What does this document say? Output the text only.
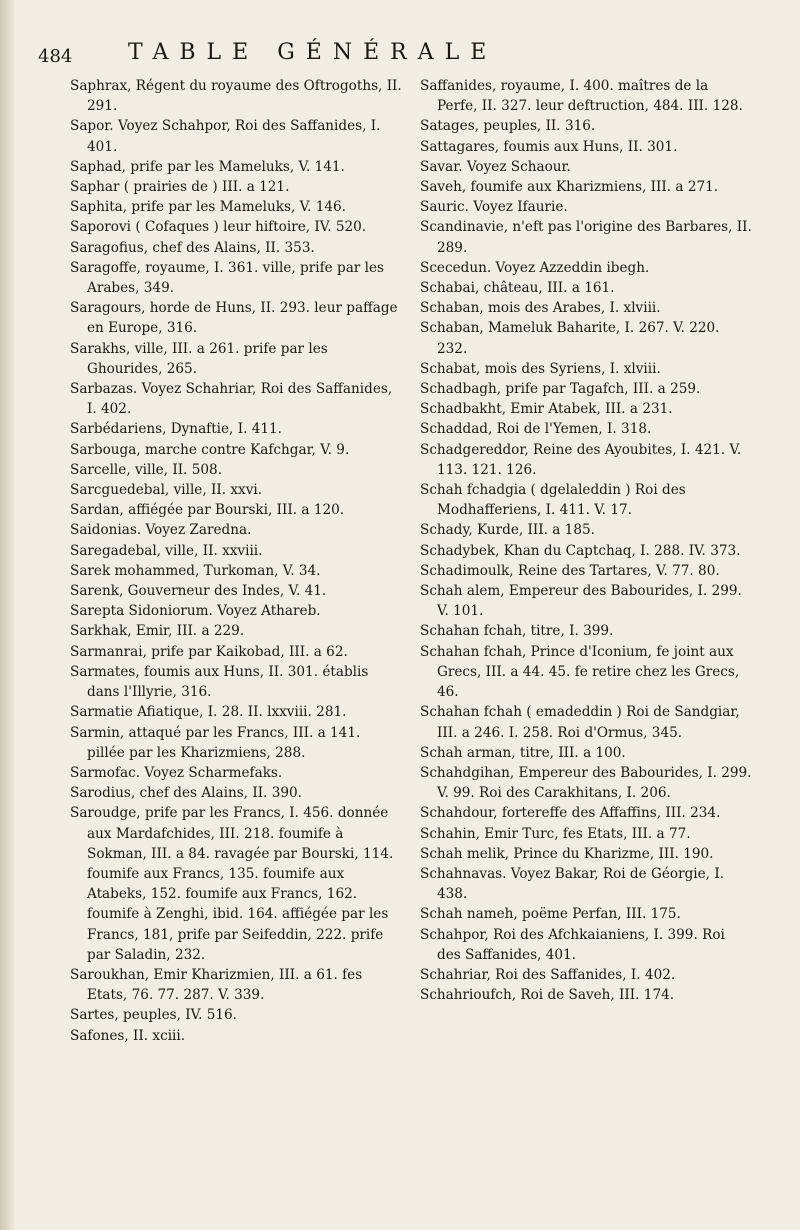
484	TABLE GÉNÉRALE

Saphrax, Régent du royaume des Oftrogoths, II. 291.

Sapor. Voyez Schahpor, Roi des Saffanides, I. 401.

Saphad, prife par les Mameluks, V. 141.

Saphar ( prairies de ) III. a 121.

Saphita, prife par les Mameluks, V. 146.

Saporovi ( Cofaques ) leur hiftoire, IV. 520.

Saragofius, chef des Alains, II. 353.

Saragoffe, royaume, I. 361. ville, prife par les Arabes, 349.

Saragours, horde de Huns, II. 293. leur paffage en Europe, 316.

Sarakhs, ville, III. a 261. prife par les Ghourides, 265.

Sarbazas. Voyez Schahriar, Roi des Saffanides, I. 402.

Sarbédariens, Dynaftie, I. 411.

Sarbouga, marche contre Kafchgar, V. 9.

Sarcelle, ville, II. 508.

Sarcguedebal, ville, II. xxvi.

Sardan, affiégée par Bourski, III. a 120.

Saidonias. Voyez Zaredna.

Saregadebal, ville, II. xxviii.

Sarek mohammed, Turkoman, V. 34.

Sarenk, Gouverneur des Indes, V. 41.

Sarepta Sidoniorum. Voyez Athareb.

Sarkhak, Emir, III. a 229.

Sarmanrai, prife par Kaikobad, III. a 62.

Sarmates, foumis aux Huns, II. 301. établis dans l'Illyrie, 316.

Sarmatie Afiatique, I. 28. II. lxxviii. 281.

Sarmin, attaqué par les Francs, III. a 141. pillée par les Kharizmiens, 288.

Sarmofac. Voyez Scharmefaks.

Sarodius, chef des Alains, II. 390.

Saroudge, prife par les Francs, I. 456. donnée aux Mardafchides, III. 218. foumife à Sokman, III. a 84. ravagée par Bourski, 114. foumife aux Francs, 135. foumife aux Atabeks, 152. foumife aux Francs, 162. foumife à Zenghi, ibid. 164. affiégée par les Francs, 181, prife par Seifeddin, 222. prife par Saladin, 232.

Saroukhan, Emir Kharizmien, III. a 61. fes Etats, 76. 77. 287. V. 339.

Sartes, peuples, IV. 516.

Safones, II. xciii.

Saffanides, royaume, I. 400. maîtres de la Perfe, II. 327. leur deftruction, 484. III. 128.

Satages, peuples, II. 316.

Sattagares, foumis aux Huns, II. 301.

Savar. Voyez Schaour.

Saveh, foumife aux Kharizmiens, III. a 271.

Sauric. Voyez Ifaurie.

Scandinavie, n'eft pas l'origine des Barbares, II. 289.

Scecedun. Voyez Azzeddin ibegh.

Schabai, château, III. a 161.

Schaban, mois des Arabes, I. xlviii.

Schaban, Mameluk Baharite, I. 267. V. 220. 232.

Schabat, mois des Syriens, I. xlviii.

Schadbagh, prife par Tagafch, III. a 259.

Schadbakht, Emir Atabek, III. a 231.

Schaddad, Roi de l'Yemen, I. 318.

Schadgereddor, Reine des Ayoubites, I. 421. V. 113. 121. 126.

Schah fchadgia ( dgelaleddin ) Roi des Modhafferiens, I. 411. V. 17.

Schady, Kurde, III. a 185.

Schadybek, Khan du Captchaq, I. 288. IV. 373.

Schadimoulk, Reine des Tartares, V. 77. 80.

Schah alem, Empereur des Babourides, I. 299. V. 101.

Schahan fchah, titre, I. 399.

Schahan fchah, Prince d'Iconium, fe joint aux Grecs, III. a 44. 45. fe retire chez les Grecs, 46.

Schahan fchah ( emadeddin ) Roi de Sandgiar, III. a 246. I. 258. Roi d'Ormus, 345.

Schah arman, titre, III. a 100.

Schahdgihan, Empereur des Babourides, I. 299. V. 99. Roi des Carakhitans, I. 206.

Schahdour, fortereffe des Affaffins, III. 234.

Schahin, Emir Turc, fes Etats, III. a 77.

Schah melik, Prince du Kharizme, III. 190.

Schahnavas. Voyez Bakar, Roi de Géorgie, I. 438.

Schah nameh, poëme Perfan, III. 175.

Schahpor, Roi des Afchkaianiens, I. 399. Roi des Saffanides, 401.

Schahriar, Roi des Saffanides, I. 402.

Schahrioufch, Roi de Saveh, III. 174.
